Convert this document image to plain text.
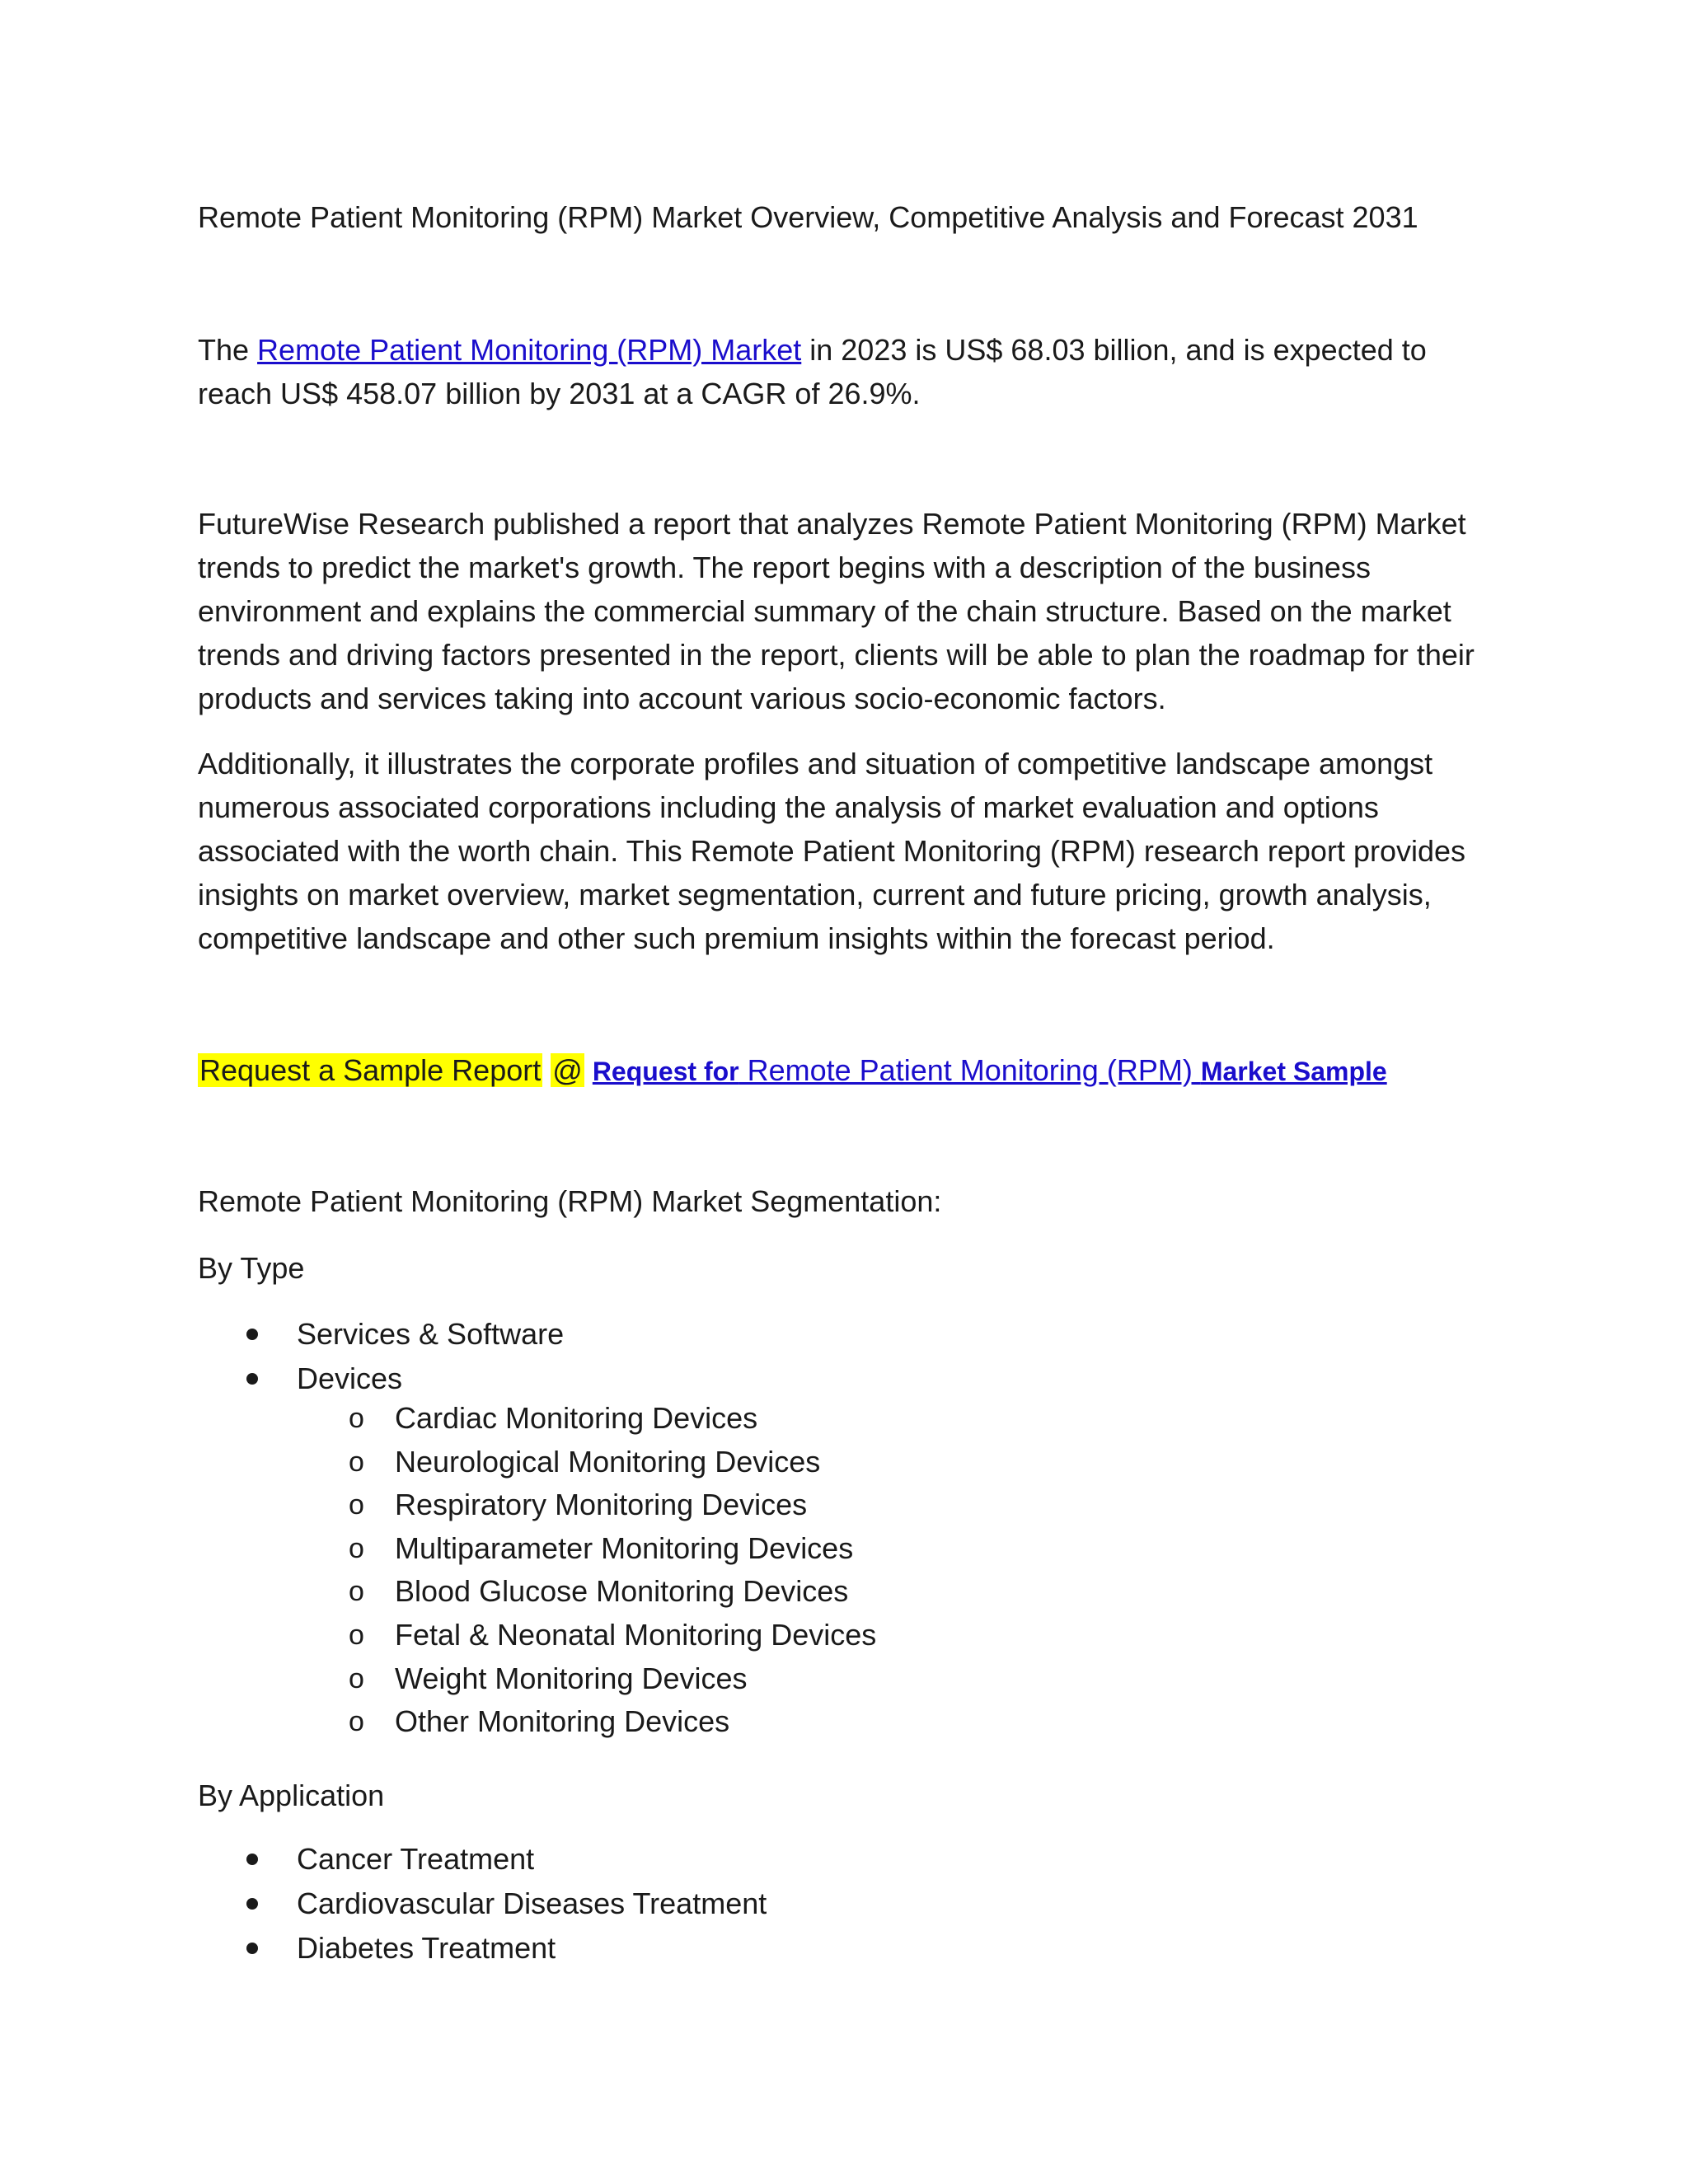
Remote Patient Monitoring (RPM) Market Overview, Competitive Analysis and Forecast 2031
The Remote Patient Monitoring (RPM) Market in 2023 is US$ 68.03 billion, and is expected to reach US$ 458.07 billion by 2031 at a CAGR of 26.9%.
FutureWise Research published a report that analyzes Remote Patient Monitoring (RPM) Market trends to predict the market's growth. The report begins with a description of the business environment and explains the commercial summary of the chain structure. Based on the market trends and driving factors presented in the report, clients will be able to plan the roadmap for their products and services taking into account various socio-economic factors.
Additionally, it illustrates the corporate profiles and situation of competitive landscape amongst numerous associated corporations including the analysis of market evaluation and options associated with the worth chain. This Remote Patient Monitoring (RPM) research report provides insights on market overview, market segmentation, current and future pricing, growth analysis, competitive landscape and other such premium insights within the forecast period.
Request a Sample Report @ Request for Remote Patient Monitoring (RPM) Market Sample
Remote Patient Monitoring (RPM) Market Segmentation:
By Type
Services & Software
Devices
o Cardiac Monitoring Devices
o Neurological Monitoring Devices
o Respiratory Monitoring Devices
o Multiparameter Monitoring Devices
o Blood Glucose Monitoring Devices
o Fetal & Neonatal Monitoring Devices
o Weight Monitoring Devices
o Other Monitoring Devices
By Application
Cancer Treatment
Cardiovascular Diseases Treatment
Diabetes Treatment
